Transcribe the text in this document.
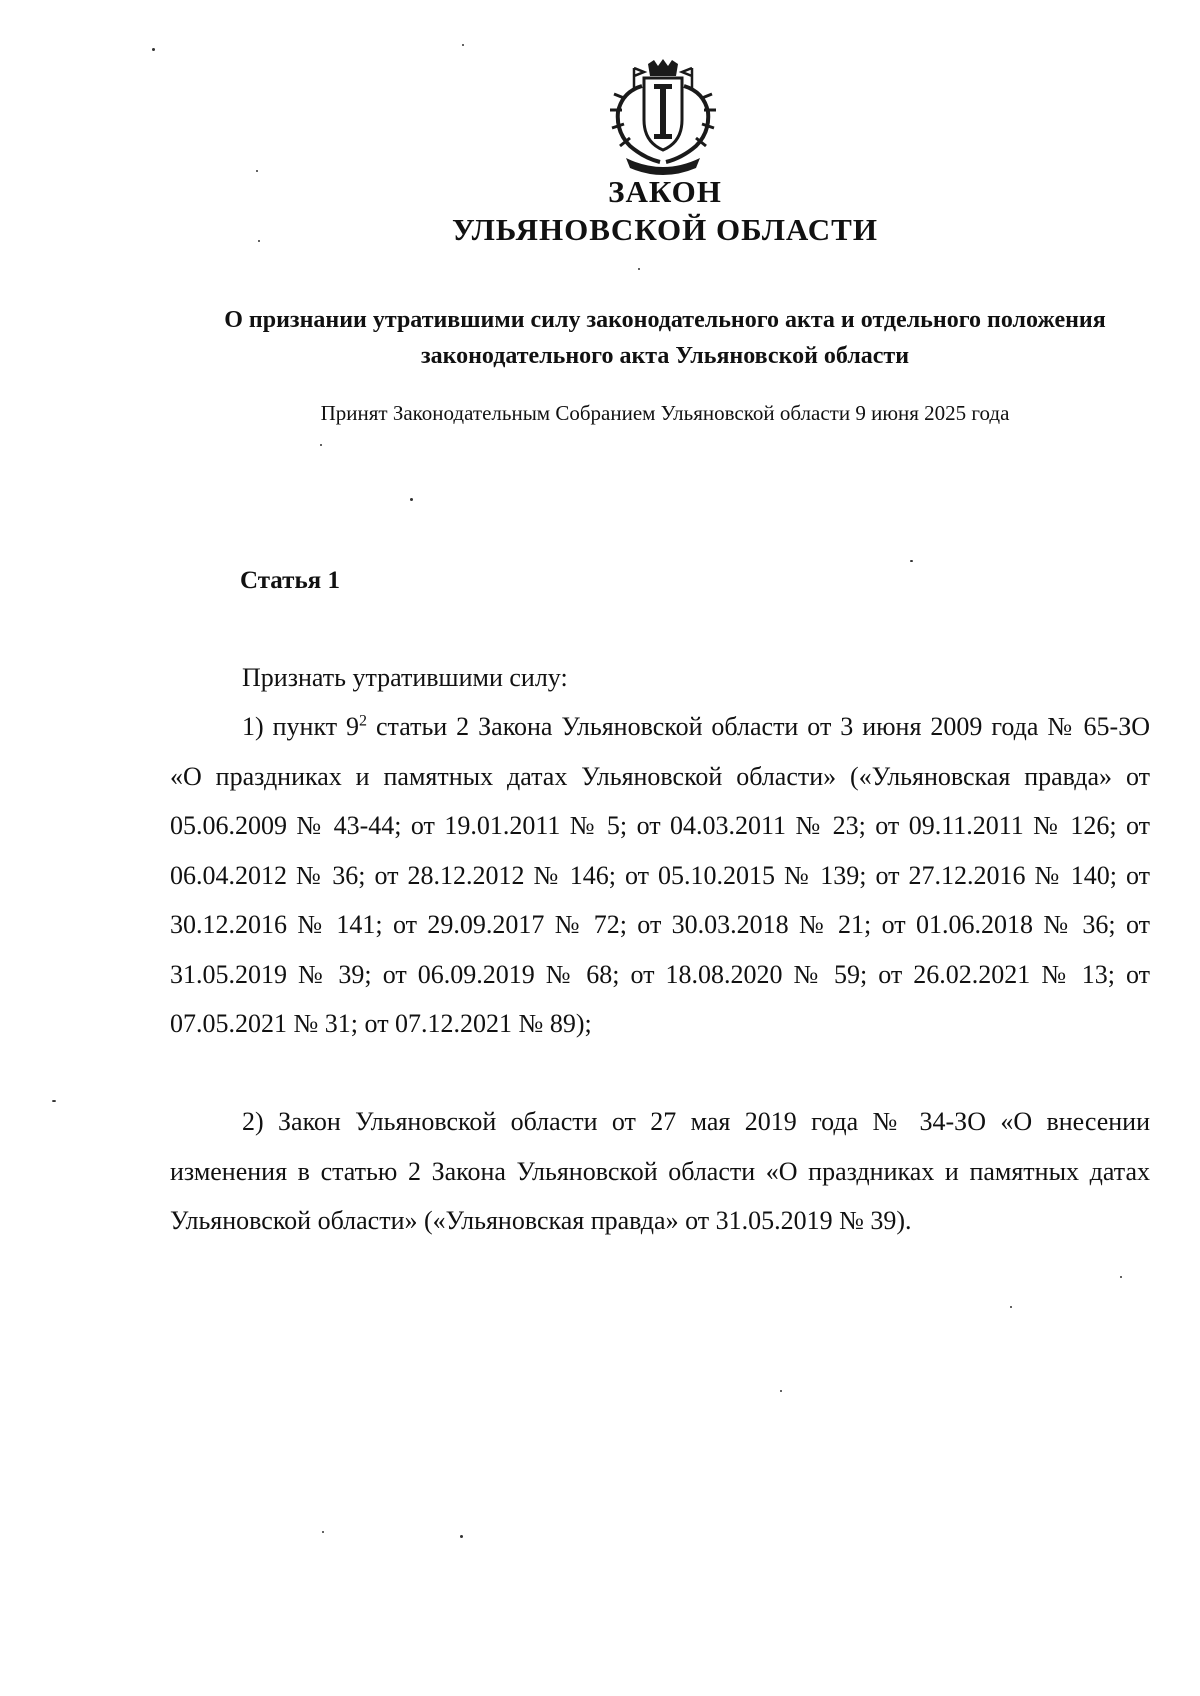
ЗАКОН
УЛЬЯНОВСКОЙ ОБЛАСТИ
О признании утратившими силу законодательного акта и отдельного положения законодательного акта Ульяновской области
Принят Законодательным Собранием Ульяновской области 9 июня 2025 года
Статья 1

Признать утратившими силу:

1) пункт $9^2$ статьи 2 Закона Ульяновской области от 3 июня 2009 года № 65-ЗО «О праздниках и памятных датах Ульяновской области» («Ульяновская правда» от 05.06.2009 № 43-44; от 19.01.2011 № 5; от 04.03.2011 № 23; от 09.11.2011 № 126; от 06.04.2012 № 36; от 28.12.2012 № 146; от 05.10.2015 № 139; от 27.12.2016 № 140; от 30.12.2016 № 141; от 29.09.2017 № 72; от 30.03.2018 № 21; от 01.06.2018 № 36; от 31.05.2019 № 39; от 06.09.2019 № 68; от 18.08.2020 № 59; от 26.02.2021 № 13; от 07.05.2021 № 31; от 07.12.2021 № 89);

2) Закон Ульяновской области от 27 мая 2019 года № 34-ЗО «О внесении изменения в статью 2 Закона Ульяновской области «О праздниках и памятных датах Ульяновской области» («Ульяновская правда» от 31.05.2019 № 39).
